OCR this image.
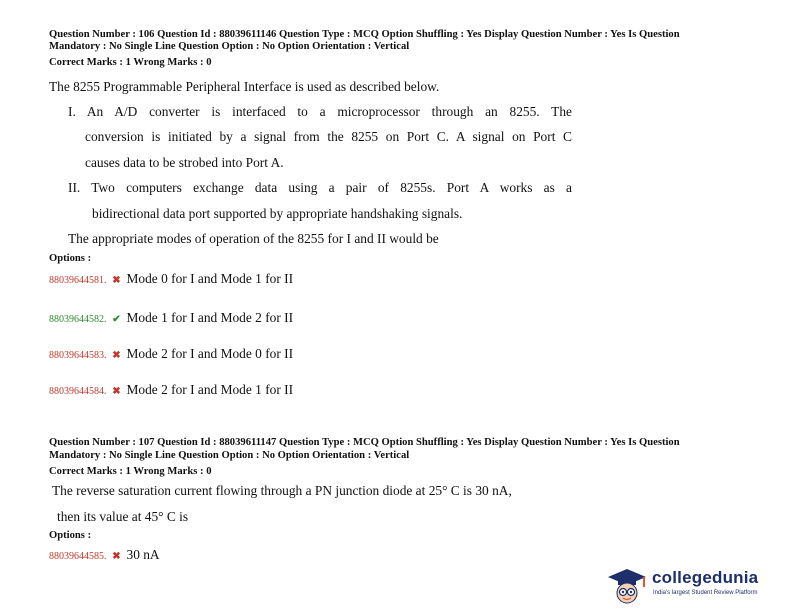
Question Number : 106 Question Id : 88039611146 Question Type : MCQ Option Shuffling : Yes Display Question Number : Yes Is Question
Mandatory : No Single Line Question Option : No Option Orientation : Vertical
Correct Marks : 1 Wrong Marks : 0
The 8255 Programmable Peripheral Interface is used as described below.
I. An A/D converter is interfaced to a microprocessor through an 8255. The
conversion is initiated by a signal from the 8255 on Port C. A signal on Port C
causes data to be strobed into Port A.
II. Two computers exchange data using a pair of 8255s. Port A works as a
bidirectional data port supported by appropriate handshaking signals.
The appropriate modes of operation of the 8255 for I and II would be
Options :
88039644581. ✖ Mode 0 for I and Mode 1 for II
88039644582. ✔ Mode 1 for I and Mode 2 for II
88039644583. ✖ Mode 2 for I and Mode 0 for II
88039644584. ✖ Mode 2 for I and Mode 1 for II
Question Number : 107 Question Id : 88039611147 Question Type : MCQ Option Shuffling : Yes Display Question Number : Yes Is Question
Mandatory : No Single Line Question Option : No Option Orientation : Vertical
Correct Marks : 1 Wrong Marks : 0
The reverse saturation current flowing through a PN junction diode at 25° C is 30 nA,
then its value at 45° C is
Options :
88039644585. ✖ 30 nA
collegedunia
India's largest Student Review Platform
